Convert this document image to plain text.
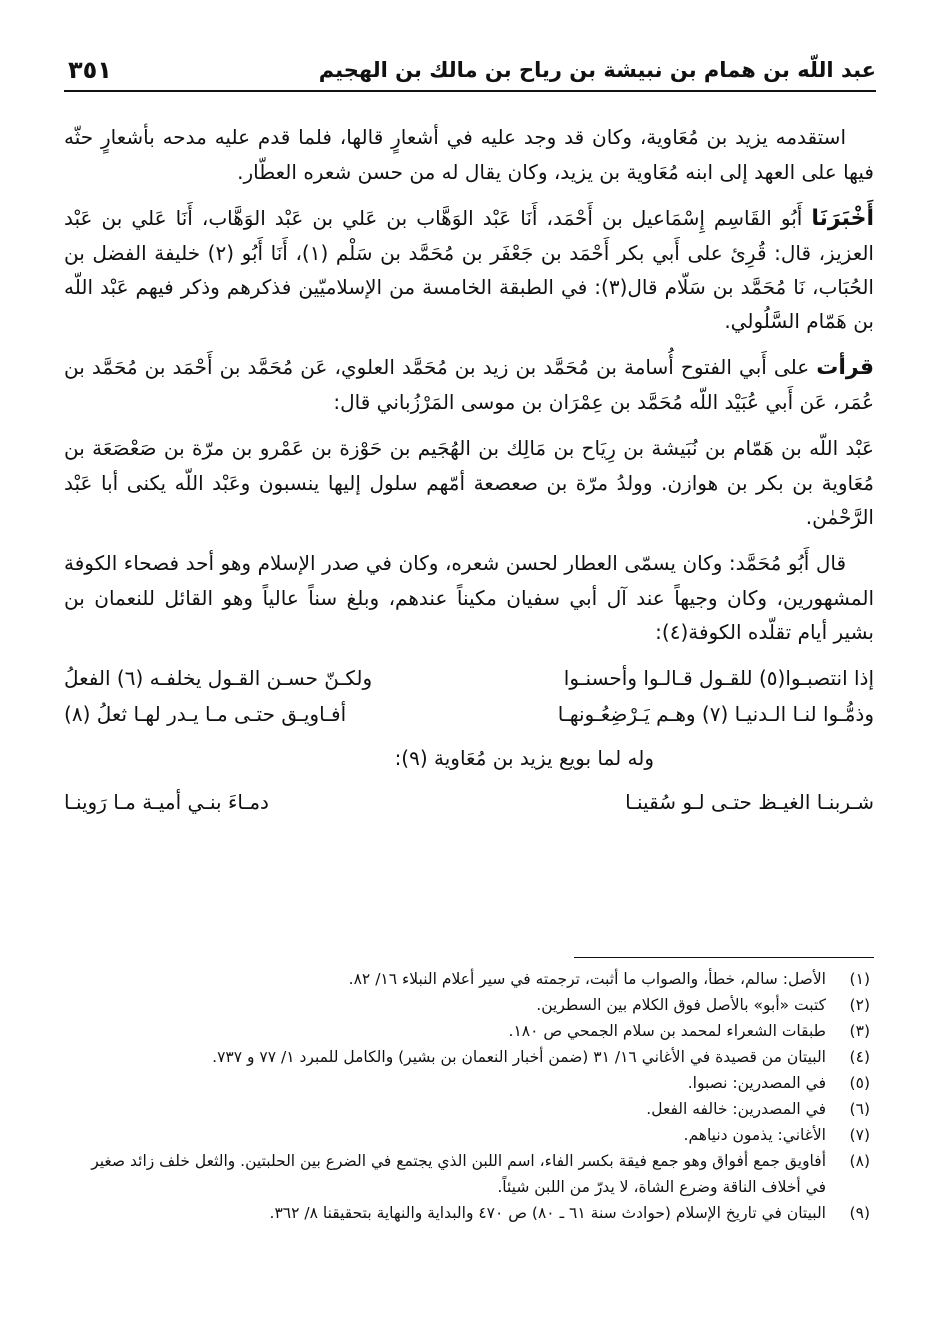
عبد اللّه بن همام بن نبيشة بن رياح بن مالك بن الهجيم
٣٥١

استقدمه يزيد بن مُعَاوية، وكان قد وجد عليه في أشعارٍ قالها، فلما قدم عليه مدحه بأشعارٍ حثّه فيها على العهد إلى ابنه مُعَاوية بن يزيد، وكان يقال له من حسن شعره العطّار.

أَخْبَرَنَا أَبُو القَاسِم إِسْمَاعيل بن أَحْمَد، أَنَا عَبْد الوَهَّاب بن عَلي بن عَبْد الوَهَّاب، أَنَا عَلي بن عَبْد العزيز، قال: قُرِئ على أَبي بكر أَحْمَد بن جَعْفَر بن مُحَمَّد بن سَلْم (١)، أَنَا أَبُو (٢) خليفة الفضل بن الحُبَاب، نَا مُحَمَّد بن سَلّام قال(٣): في الطبقة الخامسة من الإسلاميّين فذكرهم وذكر فيهم عَبْد اللّه بن هَمّام السَّلُولي.

قرأت على أَبي الفتوح أُسامة بن مُحَمَّد بن زيد بن مُحَمَّد العلوي، عَن مُحَمَّد بن أَحْمَد بن مُحَمَّد بن عُمَر، عَن أَبي عُبَيْد اللّه مُحَمَّد بن عِمْرَان بن موسى المَرْزُباني قال:

عَبْد اللّه بن هَمّام بن نُبَيشة بن رِيَاح بن مَالِك بن الهُجَيم بن حَوْزة بن عَمْرو بن مرّة بن صَعْصَعَة بن مُعَاوية بن بكر بن هوازن. وولدُ مرّة بن صعصعة أمّهم سلول إليها ينسبون وعَبْد اللّه يكنى أبا عَبْد الرَّحْمٰن.

قال أَبُو مُحَمَّد: وكان يسمّى العطار لحسن شعره، وكان في صدر الإسلام وهو أحد فصحاء الكوفة المشهورين، وكان وجيهاً عند آل أبي سفيان مكيناً عندهم، وبلغ سناً عالياً وهو القائل للنعمان بن بشير أيام تقلّده الكوفة(٤):

إذا انتصبـوا(٥) للقـول قـالـوا وأحسنـوا
ولكـنّ حسـن القـول يخلفـه (٦) الفعلُ
وذمُّـوا لنـا الـدنيـا (٧) وهـم يَـرْضِعُـونهـا
أفـاويـق حتـى مـا يـدر لهـا ثعلُ (٨)

وله لما بويع يزيد بن مُعَاوية (٩):

شـربنـا الغيـظ حتـى لـو سُقينـا
دمـاءَ بنـي أميـة مـا رَوينـا
(١)
الأصل: سالم، خطأ، والصواب ما أثبت، ترجمته في سير أعلام النبلاء ١٦/ ٨٢.
(٢)
كتبت «أبو» بالأصل فوق الكلام بين السطرين.
(٣)
طبقات الشعراء لمحمد بن سلام الجمحي ص ١٨٠.
(٤)
البيتان من قصيدة في الأغاني ١٦/ ٣١ (ضمن أخبار النعمان بن بشير) والكامل للمبرد ١/ ٧٧ و ٧٣٧.
(٥)
في المصدرين: نصبوا.
(٦)
في المصدرين: خالفه الفعل.
(٧)
الأغاني: يذمون دنياهم.
(٨)
أفاويق جمع أفواق وهو جمع فيقة بكسر الفاء، اسم اللبن الذي يجتمع في الضرع بين الحلبتين. والثعل خلف زائد صغير في أخلاف الناقة وضرع الشاة، لا يدرّ من اللبن شيئاً.
(٩)
البيتان في تاريخ الإسلام (حوادث سنة ٦١ ـ ٨٠) ص ٤٧٠ والبداية والنهاية بتحقيقنا ٨/ ٣٦٢.
